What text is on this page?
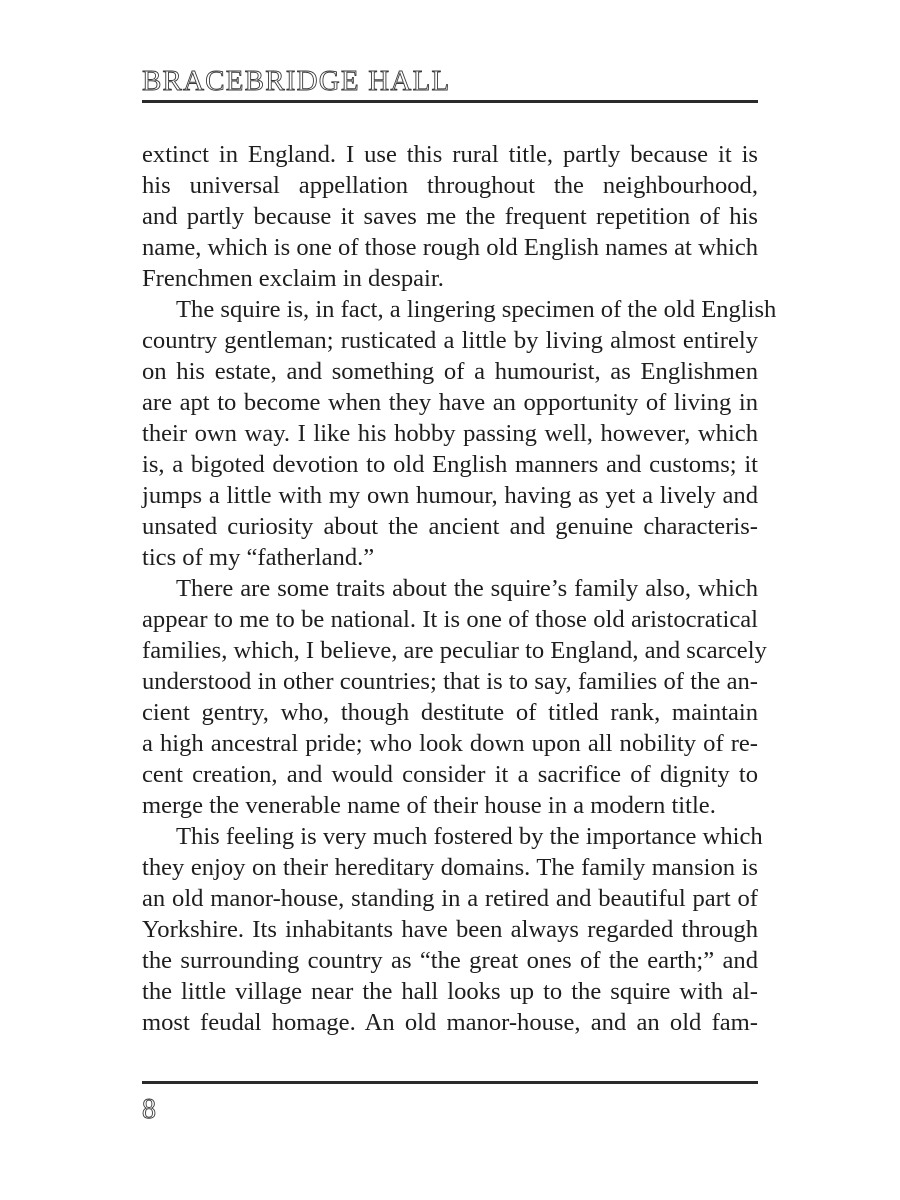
BRACEBRIDGE HALL
extinct in England. I use this rural title, partly because it is
his universal appellation throughout the neighbourhood,
and partly because it saves me the frequent repetition of his
name, which is one of those rough old English names at which
Frenchmen exclaim in despair.
The squire is, in fact, a lingering specimen of the old English
country gentleman; rusticated a little by living almost entirely
on his estate, and something of a humourist, as Englishmen
are apt to become when they have an opportunity of living in
their own way. I like his hobby passing well, however, which
is, a bigoted devotion to old English manners and customs; it
jumps a little with my own humour, having as yet a lively and
unsated curiosity about the ancient and genuine characteris-
tics of my “fatherland.”
There are some traits about the squire’s family also, which
appear to me to be national. It is one of those old aristocratical
families, which, I believe, are peculiar to England, and scarcely
understood in other countries; that is to say, families of the an-
cient gentry, who, though destitute of titled rank, maintain
a high ancestral pride; who look down upon all nobility of re-
cent creation, and would consider it a sacrifice of dignity to
merge the venerable name of their house in a modern title.
This feeling is very much fostered by the importance which
they enjoy on their hereditary domains. The family mansion is
an old manor-house, standing in a retired and beautiful part of
Yorkshire. Its inhabitants have been always regarded through
the surrounding country as “the great ones of the earth;” and
the little village near the hall looks up to the squire with al-
most feudal homage. An old manor-house, and an old fam-
8
